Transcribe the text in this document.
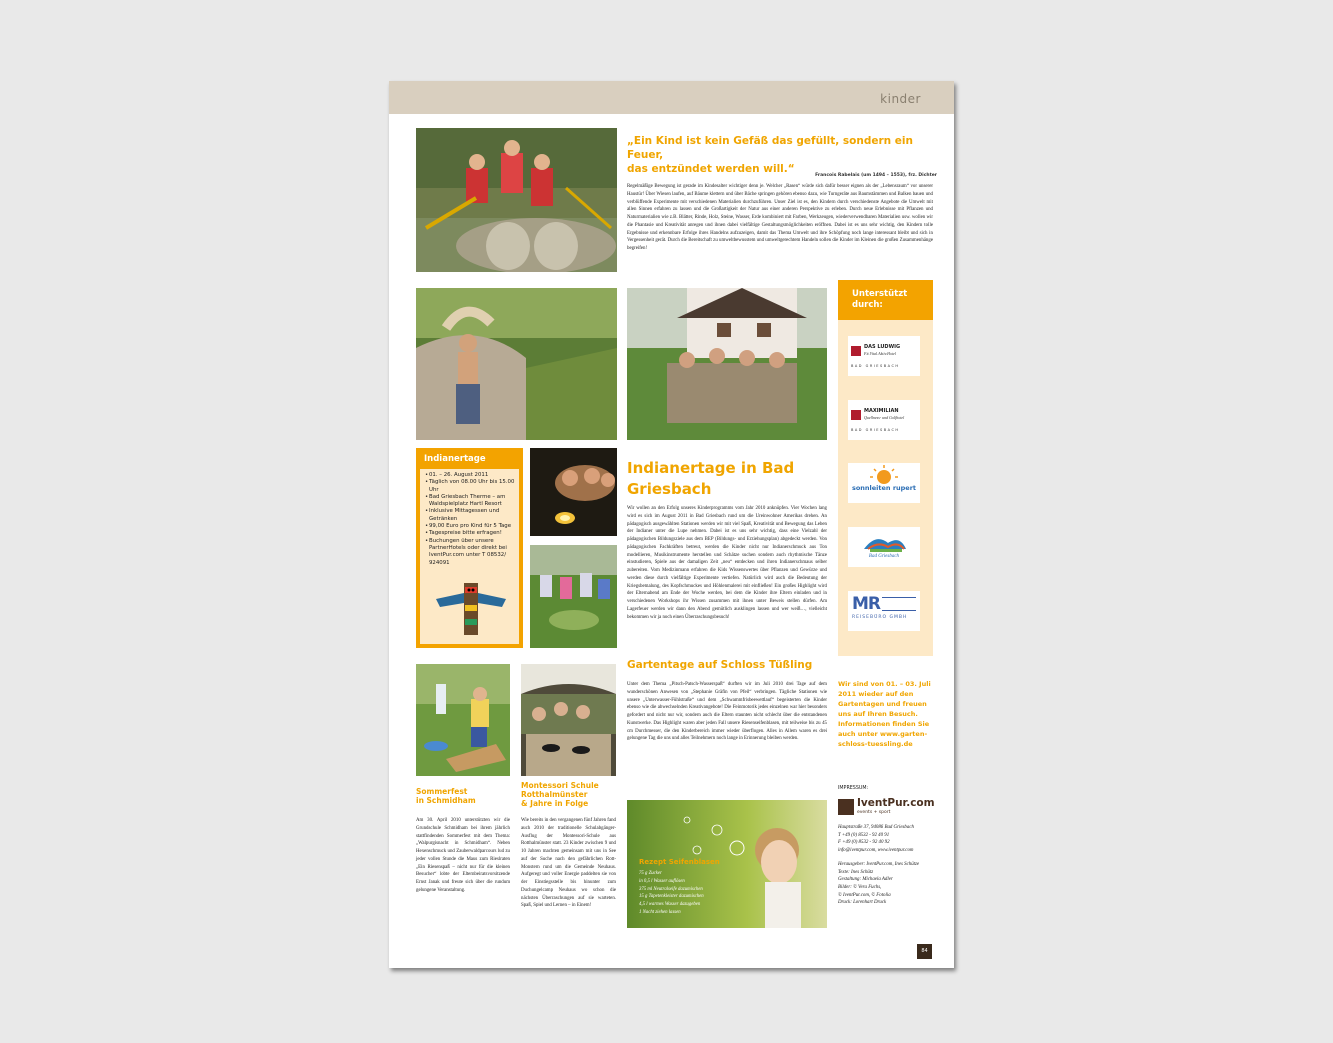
kinder
„Ein Kind ist kein Gefäß das gefüllt, sondern ein Feuer,
das entzündet werden will.“
Francois Rabelais (um 1494 – 1553), frz. Dichter
Regelmäßige Bewegung ist gerade im Kindesalter wichtiger denn je. Welcher „Rasen“ würde sich dafür besser eignen als der „Lebensraum“ vor unserer Haustür! Über Wiesen laufen, auf Bäume klettern und über Bäche springen gehören ebenso dazu, wie Turngeräte aus Baumstämmen und Balken bauen und verblüffende Experimente mit verschiedenen Materialien durchzuführen. Unser Ziel ist es, den Kindern durch verschiedenste Angebote die Umwelt mit allen Sinnen erfahren zu lassen und die Großartigkeit der Natur aus einer anderen Perspektive zu erleben. Durch neue Erlebnisse mit Pflanzen und Naturmaterialien wie z.B. Blätter, Rinde, Holz, Steine, Wasser, Erde kombiniert mit Farben, Werkzeugen, wiederverwendbaren Materialien usw. wollen wir die Phantasie und Kreativität anregen und ihnen dabei vielfältige Gestaltungsmöglichkeiten eröffnen. Dabei ist es uns sehr wichtig, den Kindern tolle Ergebnisse und erkennbare Erfolge ihres Handelns aufzuzeigen, damit das Thema Umwelt und ihre Schöpfung noch lange interessant bleibt und sich in Vergessenheit gerät. Durch die Bereitschaft zu umweltbewusstem und umweltgerechtem Handeln sollen die Kinder im Kleinen die großen Zusammenhänge begreifen!
Unterstützt durch:
DAS LUDWIG
Fit.Vital.Aktiv.Hotel
BAD GRIESBACH
MAXIMILIAN
Quellness- und Golfhotel
BAD GRIESBACH
sonnleiten rupert
Bad Griesbach
MR
REISEBÜRO GMBH
Indianertage
• 01. – 26. August 2011
• Täglich von 08.00 Uhr bis 15.00 Uhr
• Bad Griesbach Therme – am Waldspielplatz Hartl Resort
• Inklusive Mittagessen und Getränken
• 99,00 Euro pro Kind für 5 Tage
• Tagespreise bitte erfragen!
• Buchungen über unsere PartnerHotels oder direkt bei IventPur.com unter T 08532/ 924091
Indianertage in Bad
Griesbach
Wir wollen an den Erfolg unseres Kinderprogramms vom Jahr 2010 anknüpfen. Vier Wochen lang wird es sich im August 2011 in Bad Griesbach rund um die Ureinwohner Amerikas drehen. An pädagogisch ausgewählten Stationen werden wir mit viel Spaß, Kreativität und Bewegung das Leben der Indianer unter die Lupe nehmen. Dabei ist es uns sehr wichtig, dass eine Vielzahl der pädagogischen Bildungsziele aus dem BEP (Bildungs- und Erziehungsplan) abgedeckt werden. Von pädagogischen Fachkräften betreut, werden die Kinder nicht nur Indianerschmuck aus Ton modellieren, Musikinstrumente herstellen und Schätze suchen sondern auch rhythmische Tänze einstudieren, Spiele aus der damaligen Zeit „neu“ entdecken und ihren Indianerschmaus selber zubereiten. Vom Medizinmann erfahren die Kids Wissenswertes über Pflanzen und Gewürze und werden diese durch vielfältige Experimente vertiefen. Natürlich wird auch die Bedeutung der Kriegsbemalung, des Kopfschmuckes und Höhlenmalerei mit einfließen! Ein großes Highlight wird der Elternabend am Ende der Woche werden, bei dem die Kinder ihre Eltern einladen und in verschiedenen Workshops ihr Wissen zusammen mit ihnen unter Beweis stellen dürfen. Am Lagerfeuer werden wir dann den Abend gemütlich ausklingen lassen und wer weiß…, vielleicht bekommen wir ja noch einen Überraschungsbesuch!
Gartentage auf Schloss Tüßling
Unter dem Thema „Pitsch-Patsch-Wasserspaß“ durften wir im Juli 2010 drei Tage auf dem wunderschönen Anwesen von „Stephanie Gräfin von Pfeil“ verbringen. Tägliche Stationen wie unsere „Unterwasser-Fühlstraße“ und dem „Schwammfrisbeewettlauf“ begeisterten die Kinder ebenso wie die abwechselnden Kreativangebote! Die Feinmotorik jedes einzelnen war hier besonders gefordert und nicht nur wir, sondern auch die Eltern staunten nicht schlecht über die entstandenen Kunstwerke. Das Highlight waren aber jeden Fall unsere Riesenseifenblasen, mit teilweise bis zu 45 cm Durchmesser, die den Kinderbereich immer wieder überflogen. Alles in Allem waren es drei gelungene Tag die uns und alles Teilnehmern noch lange in Erinnerung bleiben werden.
Wir sind von 01. – 03. Juli 2011 wieder auf den Gartentagen und freuen uns auf Ihren Besuch. Informationen finden Sie auch unter www.garten-schloss-tuessling.de
Sommerfest
in Schmidham
Am 30. April 2010 unterstützten wir die Grundschule Schmidham bei ihrem jährlich stattfindenden Sommerfest mit dem Thema: „Walpurgisnacht in Schmidham“. Neben Hexenschmuck und Zauberwaldparcours lud zu jeder vollen Stunde die Maus zum Rieslraten „Ein Riesenspaß – nicht nur für die kleinen Besucher“ lobte der Elternbeiratsvorsitzende Ernst Janak und freute sich über die rundum gelungene Veranstaltung.
Montessori Schule
Rotthalmünster
& Jahre in Folge
Wie bereits in den vergangenen fünf Jahren fand auch 2010 der traditionelle Schulabgänger-Ausflug der Montessori-Schule aus Rotthalmünster statt. 23 Kinder zwischen 9 und 10 Jahren machten gemeinsam mit uns in See auf der Suche nach den gefährlichen Rott-Monstern rund um die Gemeinde Neuhaus. Aufgeregt und voller Energie paddelten sie von der Einstiegsstelle bis hinunter zum Duchungelcamp Neuhaus wo schon die nächsten Überraschungen auf sie warteten. Spaß, Spiel und Lernen – in Einem!
Rezept Seifenblasen
75 g Zucker
in 0,5 l Wasser auflösen
375 ml Neutralseife dazumischen
15 g Tapetenkleister dazumischen
4,5 l warmes Wasser dazugeben
1 Nacht ziehen lassen
IMPRESSUM:
IventPur.com
events + sport
Hauptstraße 37, 94086 Bad Griesbach
T +49 (0) 8532 - 92 40 91
F +49 (0) 8532 - 92 40 92
info@iventpur.com, www.iventpur.com
Herausgeber: IventPur.com, Ines Schütze
Texte: Ines Schütz
Gestaltung: Michaela Adler
Bilder: © Vera Fuchs,
© IventPur.com, © Fotolia
Druck: Lorenhart Druck
84
